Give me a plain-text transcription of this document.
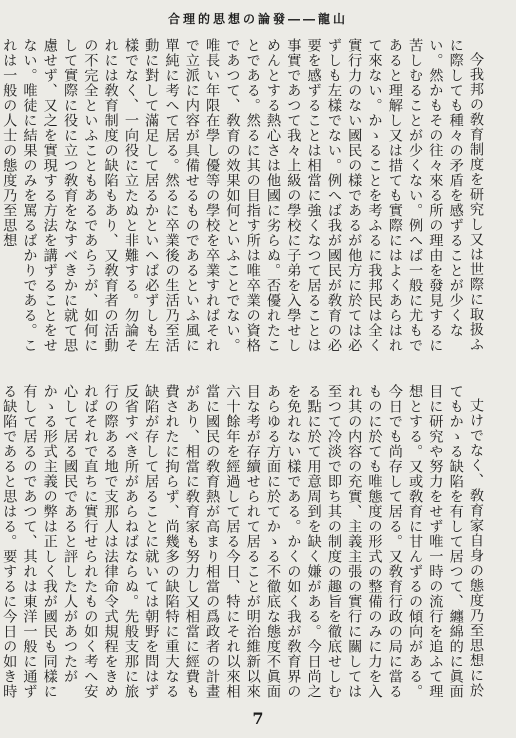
合理的思想の論發――龍山

今我邦の敎育制度を研究し又は世際に取扱ふに際しても種々の矛盾を感ずることが少くない。然かもその往々來る所の理由を發見するに苦しむることが少くない。例へば一般に尤もであると理解し又は措ても實際にはよくあらはれて來ない。かゝることを考ふるに我邦民は全く實行力のない國民の樣であるが他方に於ては必ずしも左樣でない。例へば我が國民が敎育の必要を感ずることは相當に強くなつて居ることは事實であつて我々上級の學校に子弟を入學せしめんとする熱心さは他國に劣らぬ。否優れたことである。然るに其の目指す所は唯卒業の資格であつて、敎育の效果如何といふことでない。唯長い年限在學し優等の學校を卒業すればそれで立派に内容が具備せるものであるといふ風に單純に考へて居る。然るに卒業後の生活乃至活動に對して滿足して居るかといへば必ずしも左樣でなく、一向役に立たぬと非難する。勿論それには敎育制度の缺陷もあり、又敎育者の活動の不完全といふこともあるであらうが、如何にして實際に役に立つ敎育をなすべきかに就て思慮せず、又之を實現する方法を講ずることをせない。唯徒に結果のみを罵るばかりである。これは一般の人士の態度乃至思想

丈けでなく、敎育家自身の態度乃至思想に於てもかゝる缺陷を有して居つて、纏綿的に眞面目に研究や努力をせず唯一時の流行を追ふて理想とする。又或敎育に甘んずるの傾向がある。今日でも尚存して居る。又敎育行政の局に當るものに於ても唯態度の形式の整備のみに力を入れ其の内容の充實、主義主張の實行に關しては至つて冷淡で即ち其の制度の趣旨を徹底せしむる點に於て用意周到を缺く嫌がある。今日尚之を免れない樣である。かくの如く我が敎育界のあらゆる方面に於てかゝる不徹底な態度不眞面目な考が存續せられて居ることが明治維新以來六十餘年を經過して居る今日、特にそれ以來相當に國民の敎育熱が高まり相當の爲政者の計畫があり、相當に敎育家も努力し又相當に經費も費されたに拘らず、尚幾多の缺陷特に重大なる缺陷が存して居ることに就いては朝野を問はず反省すべき所があらねばならぬ。先般支那に旅行の際ある地で支那人は法律命令式規程をきめればそれで直ちに實行せられたもの如く考へ安心して居る國民であると評した人があつたがかゝる形式主義の弊は正しく我が國民も同樣に有して居るのであつて、其れは東洋一般に通ずる缺陷であると思はる。要するに今日の如き時

7
